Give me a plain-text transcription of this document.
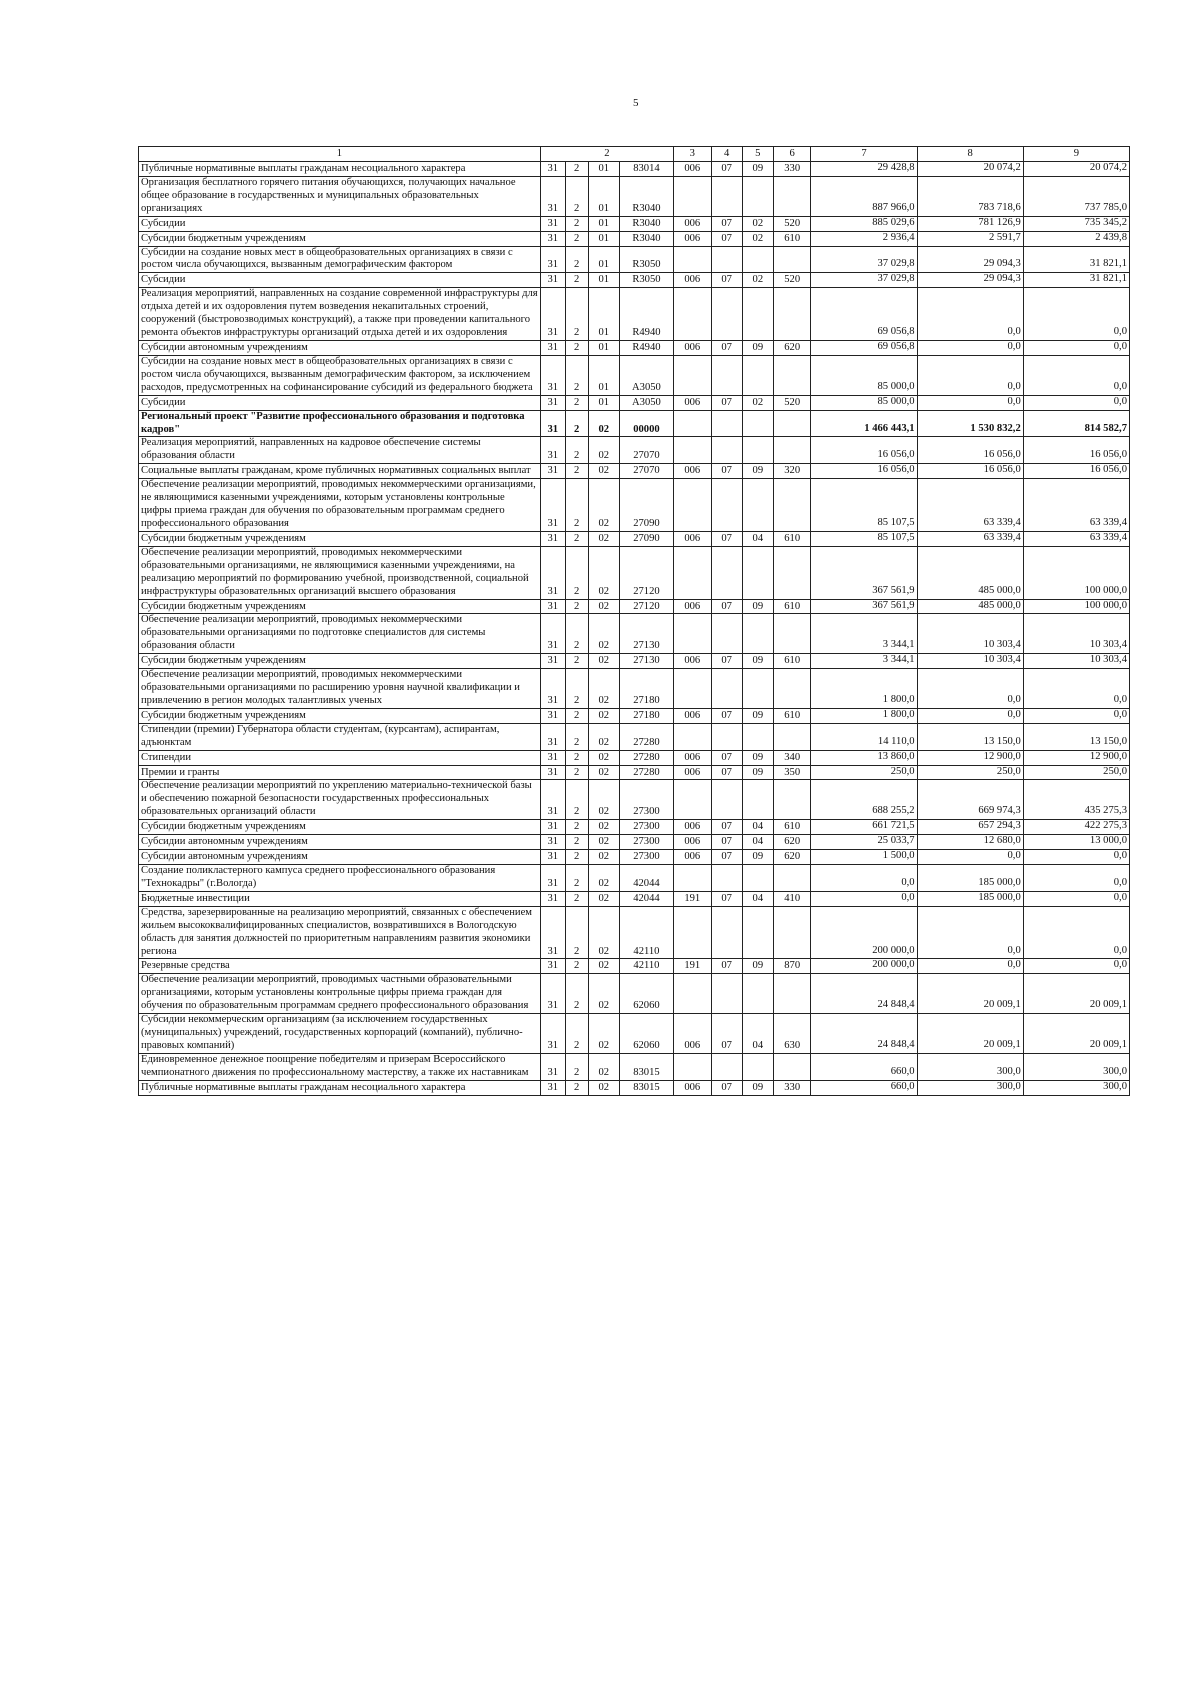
5
1	2				3	4	5	6	7	8	9
Публичные нормативные выплаты гражданам несоциального характера	31	2	01	83014	006	07	09	330	29 428,8	20 074,2	20 074,2
Организация бесплатного горячего питания обучающихся, получающих начальное общее образование в государственных и муниципальных образовательных организациях	31	2	01	R3040					887 966,0	783 718,6	737 785,0
Субсидии	31	2	01	R3040	006	07	02	520	885 029,6	781 126,9	735 345,2
Субсидии бюджетным учреждениям	31	2	01	R3040	006	07	02	610	2 936,4	2 591,7	2 439,8
Субсидии на создание новых мест в общеобразовательных организациях в связи с ростом числа обучающихся, вызванным демографическим фактором	31	2	01	R3050					37 029,8	29 094,3	31 821,1
Субсидии	31	2	01	R3050	006	07	02	520	37 029,8	29 094,3	31 821,1
Реализация мероприятий, направленных на создание современной инфраструктуры для отдыха детей и их оздоровления путем возведения некапитальных строений, сооружений (быстровозводимых конструкций), а также при проведении капитального ремонта объектов инфраструктуры организаций отдыха детей и их оздоровления	31	2	01	R4940					69 056,8	0,0	0,0
Субсидии автономным учреждениям	31	2	01	R4940	006	07	09	620	69 056,8	0,0	0,0
Субсидии на создание новых мест в общеобразовательных организациях в связи с ростом числа обучающихся, вызванным демографическим фактором, за исключением расходов, предусмотренных на софинансирование субсидий из федерального бюджета	31	2	01	А3050					85 000,0	0,0	0,0
Субсидии	31	2	01	А3050	006	07	02	520	85 000,0	0,0	0,0
Региональный проект "Развитие профессионального образования и подготовка кадров"	31	2	02	00000					1 466 443,1	1 530 832,2	814 582,7
Реализация мероприятий, направленных на кадровое обеспечение системы образования области	31	2	02	27070					16 056,0	16 056,0	16 056,0
Социальные выплаты гражданам, кроме публичных нормативных социальных выплат	31	2	02	27070	006	07	09	320	16 056,0	16 056,0	16 056,0
Обеспечение реализации мероприятий, проводимых некоммерческими организациями, не являющимися казенными учреждениями, которым установлены контрольные цифры приема граждан для обучения по образовательным программам среднего профессионального образования	31	2	02	27090					85 107,5	63 339,4	63 339,4
Субсидии бюджетным учреждениям	31	2	02	27090	006	07	04	610	85 107,5	63 339,4	63 339,4
Обеспечение реализации мероприятий, проводимых некоммерческими образовательными организациями, не являющимися казенными учреждениями, на реализацию мероприятий по формированию учебной, производственной, социальной инфраструктуры образовательных организаций высшего образования	31	2	02	27120					367 561,9	485 000,0	100 000,0
Субсидии бюджетным учреждениям	31	2	02	27120	006	07	09	610	367 561,9	485 000,0	100 000,0
Обеспечение реализации мероприятий, проводимых некоммерческими образовательными организациями по подготовке специалистов для системы образования области	31	2	02	27130					3 344,1	10 303,4	10 303,4
Субсидии бюджетным учреждениям	31	2	02	27130	006	07	09	610	3 344,1	10 303,4	10 303,4
Обеспечение реализации мероприятий, проводимых некоммерческими образовательными организациями по расширению уровня научной квалификации и привлечению в регион молодых талантливых ученых	31	2	02	27180					1 800,0	0,0	0,0
Субсидии бюджетным учреждениям	31	2	02	27180	006	07	09	610	1 800,0	0,0	0,0
Стипендии (премии) Губернатора области студентам, (курсантам), аспирантам, адъюнктам	31	2	02	27280					14 110,0	13 150,0	13 150,0
Стипендии	31	2	02	27280	006	07	09	340	13 860,0	12 900,0	12 900,0
Премии и гранты	31	2	02	27280	006	07	09	350	250,0	250,0	250,0
Обеспечение реализации мероприятий по укреплению материально-технической базы и обеспечению пожарной безопасности государственных профессиональных образовательных организаций области	31	2	02	27300					688 255,2	669 974,3	435 275,3
Субсидии бюджетным учреждениям	31	2	02	27300	006	07	04	610	661 721,5	657 294,3	422 275,3
Субсидии автономным учреждениям	31	2	02	27300	006	07	04	620	25 033,7	12 680,0	13 000,0
Субсидии автономным учреждениям	31	2	02	27300	006	07	09	620	1 500,0	0,0	0,0
Создание поликластерного кампуса среднего профессионального образования "Технокадры" (г.Вологда)	31	2	02	42044					0,0	185 000,0	0,0
Бюджетные инвестиции	31	2	02	42044	191	07	04	410	0,0	185 000,0	0,0
Средства, зарезервированные на реализацию мероприятий, связанных с обеспечением жильем высококвалифицированных специалистов, возвратившихся в Вологодскую область для занятия должностей по приоритетным направлениям развития экономики региона	31	2	02	42110					200 000,0	0,0	0,0
Резервные средства	31	2	02	42110	191	07	09	870	200 000,0	0,0	0,0
Обеспечение реализации мероприятий, проводимых частными образовательными организациями, которым установлены контрольные цифры приема граждан для обучения по образовательным программам среднего профессионального образования	31	2	02	62060					24 848,4	20 009,1	20 009,1
Субсидии некоммерческим организациям (за исключением государственных (муниципальных) учреждений, государственных корпораций (компаний), публично-правовых компаний)	31	2	02	62060	006	07	04	630	24 848,4	20 009,1	20 009,1
Единовременное денежное поощрение победителям и призерам Всероссийского чемпионатного движения по профессиональному мастерству, а также их наставникам	31	2	02	83015					660,0	300,0	300,0
Публичные нормативные выплаты гражданам несоциального характера	31	2	02	83015	006	07	09	330	660,0	300,0	300,0
